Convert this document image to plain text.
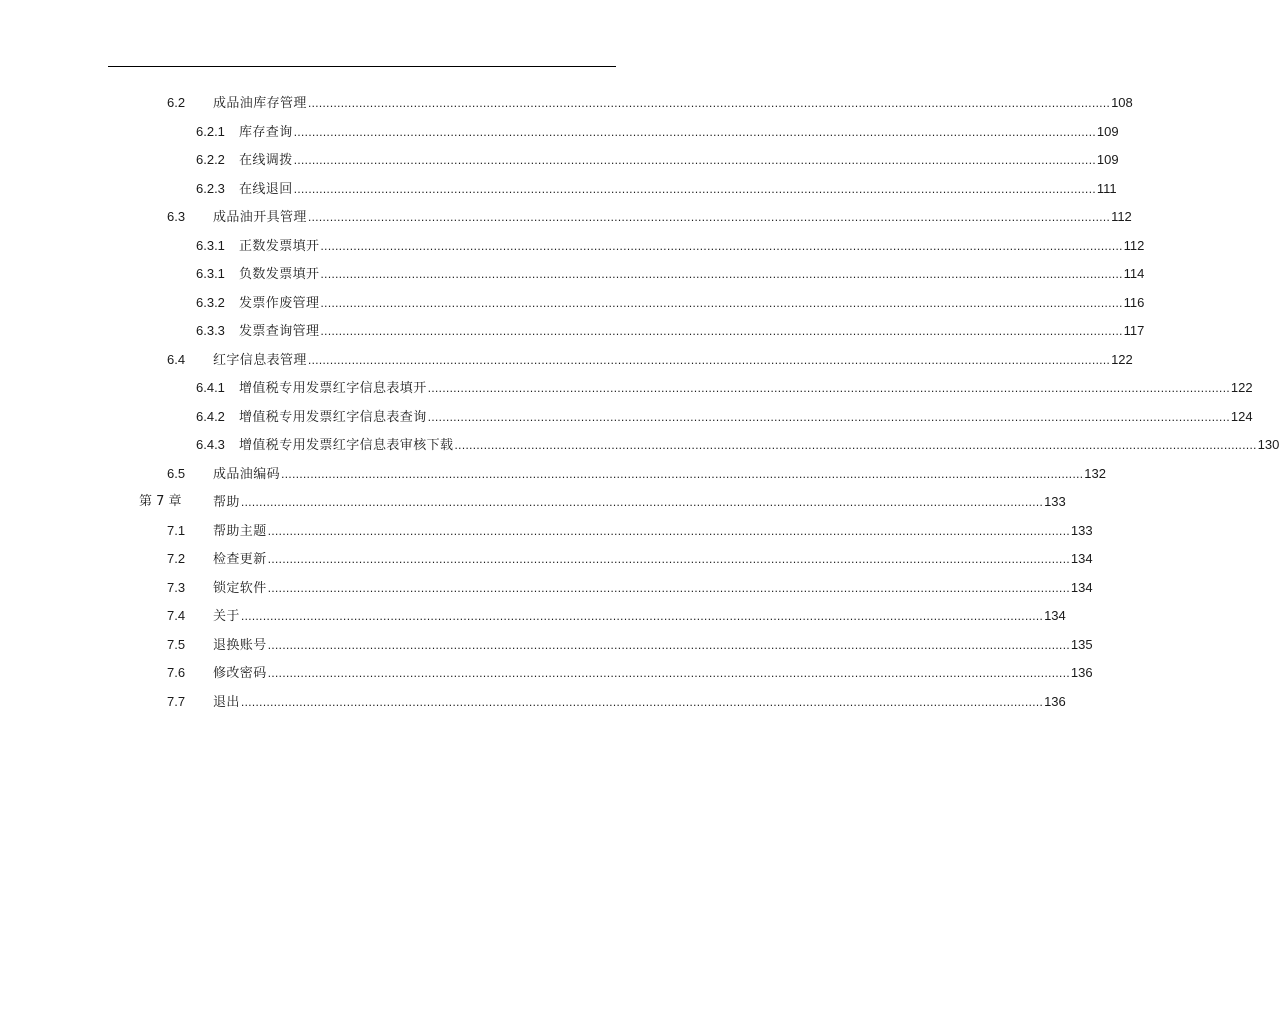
6.2 成品油库存管理 ............................................................................................................................................................................................................................ 108
6.2.1 库存查询 ............................................................................................................................................................................................................................ 109
6.2.2 在线调拨 ............................................................................................................................................................................................................................ 109
6.2.3 在线退回 ............................................................................................................................................................................................................................ 111
6.3 成品油开具管理 ............................................................................................................................................................................................................................ 112
6.3.1 正数发票填开 ............................................................................................................................................................................................................................ 112
6.3.1 负数发票填开 ............................................................................................................................................................................................................................ 114
6.3.2 发票作废管理 ............................................................................................................................................................................................................................ 116
6.3.3 发票查询管理 ............................................................................................................................................................................................................................ 117
6.4 红字信息表管理 ............................................................................................................................................................................................................................ 122
6.4.1 增值税专用发票红字信息表填开 ............................................................................................................................................................................................................................ 122
6.4.2 增值税专用发票红字信息表查询 ............................................................................................................................................................................................................................ 124
6.4.3 增值税专用发票红字信息表审核下载 ............................................................................................................................................................................................................................ 130
6.5 成品油编码 ............................................................................................................................................................................................................................ 132
第 7 章 帮助 ............................................................................................................................................................................................................................ 133
7.1 帮助主题 ............................................................................................................................................................................................................................ 133
7.2 检查更新 ............................................................................................................................................................................................................................ 134
7.3 锁定软件 ............................................................................................................................................................................................................................ 134
7.4 关于 ............................................................................................................................................................................................................................ 134
7.5 退换账号 ............................................................................................................................................................................................................................ 135
7.6 修改密码 ............................................................................................................................................................................................................................ 136
7.7 退出 ............................................................................................................................................................................................................................ 136
